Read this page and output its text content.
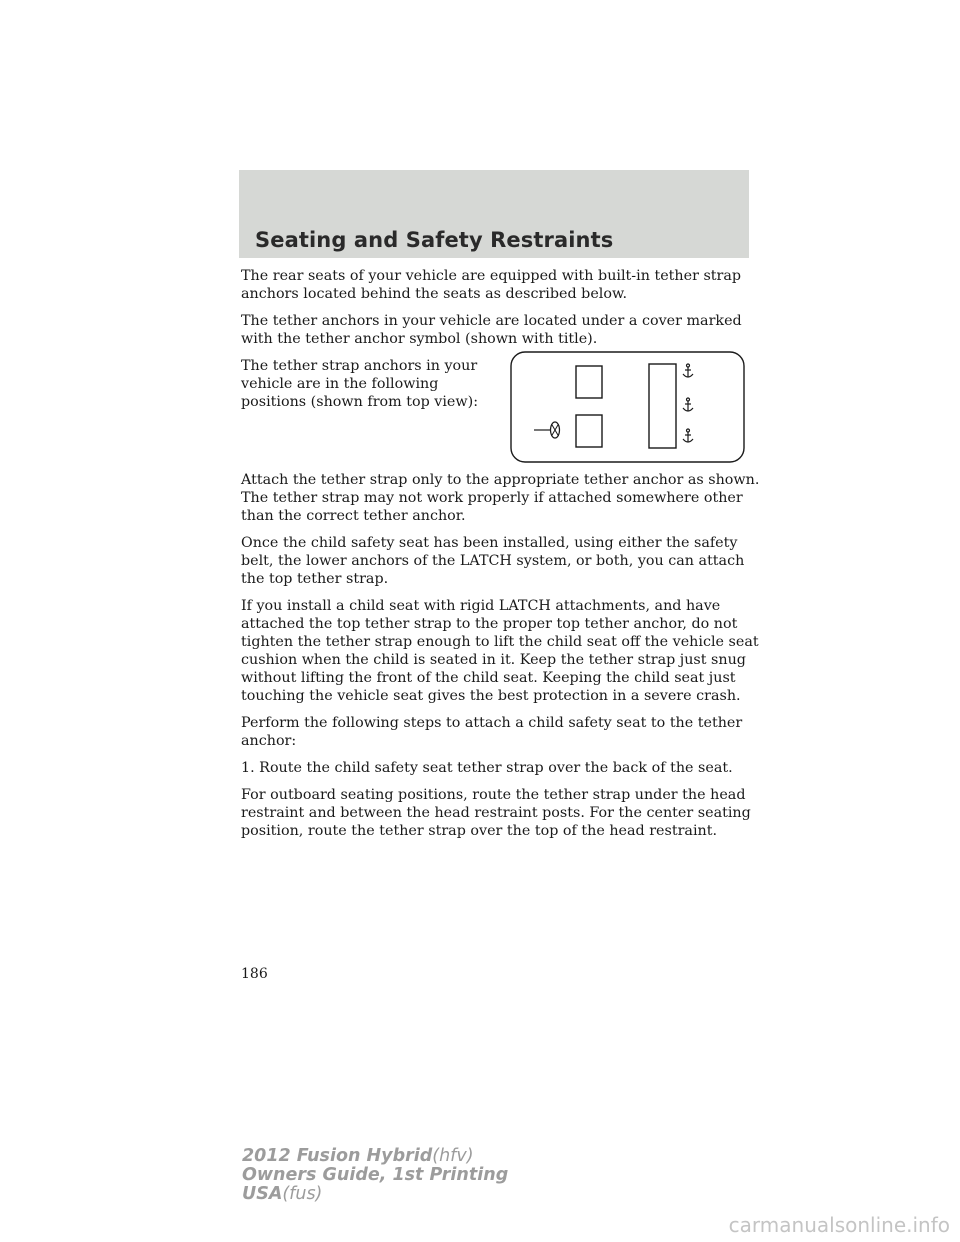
Seating and Safety Restraints

The rear seats of your vehicle are equipped with built-in tether strap anchors located behind the seats as described below.

The tether anchors in your vehicle are located under a cover marked with the tether anchor symbol (shown with title).

The tether strap anchors in your vehicle are in the following positions (shown from top view):

Attach the tether strap only to the appropriate tether anchor as shown. The tether strap may not work properly if attached somewhere other than the correct tether anchor.

Once the child safety seat has been installed, using either the safety belt, the lower anchors of the LATCH system, or both, you can attach the top tether strap.

If you install a child seat with rigid LATCH attachments, and have attached the top tether strap to the proper top tether anchor, do not tighten the tether strap enough to lift the child seat off the vehicle seat cushion when the child is seated in it. Keep the tether strap just snug without lifting the front of the child seat. Keeping the child seat just touching the vehicle seat gives the best protection in a severe crash.

Perform the following steps to attach a child safety seat to the tether anchor:

1. Route the child safety seat tether strap over the back of the seat.

For outboard seating positions, route the tether strap under the head restraint and between the head restraint posts. For the center seating position, route the tether strap over the top of the head restraint.

186
2012 Fusion Hybrid(hfv)
Owners Guide, 1st Printing
USA(fus)
carmanualsonline.info
